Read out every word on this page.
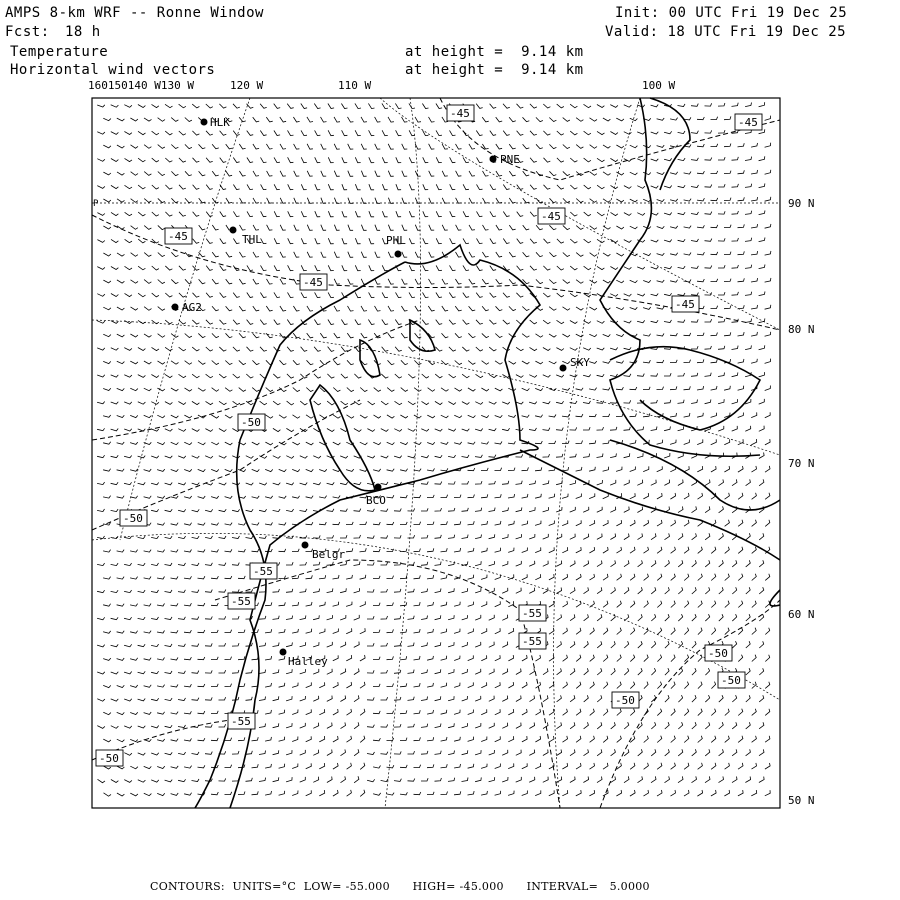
AMPS 8-km WRF -- Ronne Window
Fcst: 18 h
Temperature
Horizontal wind vectors
at height =  9.14 km
at height =  9.14 km
Init: 00 UTC Fri 19 Dec 25
Valid: 18 UTC Fri 19 Dec 25
HLK
PNE
THL	PHL
AG2
SKY
BCO
Belgr
Halley
-45
-45
-45
-45
-45
-45
-50
-50
-55
-55
-55
-55
-55
-50
-50
-50
-50
160150140 W130 W	120 W	110 W	100 W
90 N
80 N
70 N
60 N
50 N
P
CONTOURS:  UNITS=°C  LOW= -55.000      HIGH= -45.000      INTERVAL=   5.0000
